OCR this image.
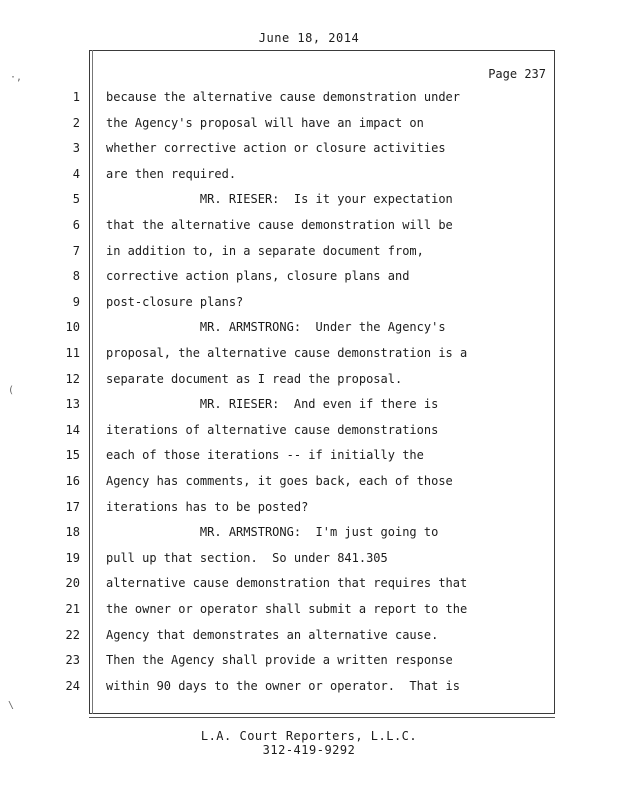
June 18, 2014
Page 237
1 because the alternative cause demonstration under
2 the Agency's proposal will have an impact on
3 whether corrective action or closure activities
4 are then required.
5 MR. RIESER:  Is it your expectation
6 that the alternative cause demonstration will be
7 in addition to, in a separate document from,
8 corrective action plans, closure plans and
9 post-closure plans?
10 MR. ARMSTRONG:  Under the Agency's
11 proposal, the alternative cause demonstration is a
12 separate document as I read the proposal.
13 MR. RIESER:  And even if there is
14 iterations of alternative cause demonstrations
15 each of those iterations -- if initially the
16 Agency has comments, it goes back, each of those
17 iterations has to be posted?
18 MR. ARMSTRONG:  I'm just going to
19 pull up that section.  So under 841.305
20 alternative cause demonstration that requires that
21 the owner or operator shall submit a report to the
22 Agency that demonstrates an alternative cause.
23 Then the Agency shall provide a written response
24 within 90 days to the owner or operator.  That is
L.A. Court Reporters, L.L.C.
312-419-9292
·,
(
\
